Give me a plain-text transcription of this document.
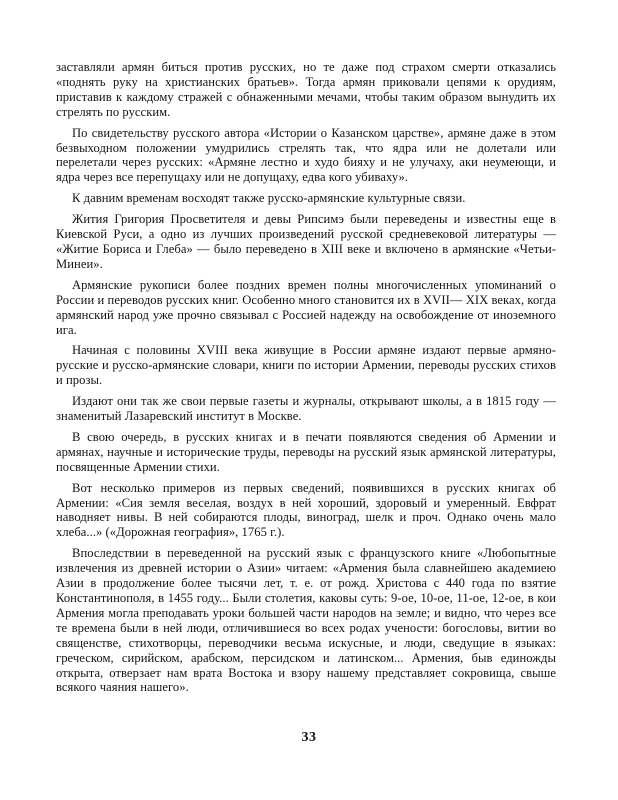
заставляли армян биться против русских, но те даже под страхом смерти отказались «поднять руку на христианских братьев». Тогда армян приковали цепями к орудиям, приставив к каждому стражей с обнаженными мечами, чтобы таким образом вынудить их стрелять по русским.

По свидетельству русского автора «Истории о Казанском царстве», армяне даже в этом безвыходном положении умудрились стрелять так, что ядра или не долетали или перелетали через русских: «Армяне лестно и худо бияху и не улучаху, аки неумеющи, и ядра через все перепущаху или не допущаху, едва кого убиваху».

К давним временам восходят также русско-армянские культурные связи.

Жития Григория Просветителя и девы Рипсимэ были переведены и известны еще в Киевской Руси, а одно из лучших произведений русской средневековой литературы — «Житие Бориса и Глеба» — было переведено в XIII веке и включено в армянские «Четьи-Минеи».

Армянские рукописи более поздних времен полны многочисленных упоминаний о России и переводов русских книг. Особенно много становится их в XVII— XIX веках, когда армянский народ уже прочно связывал с Россией надежду на освобождение от иноземного ига.

Начиная с половины XVIII века живущие в России армяне издают первые армяно-русские и русско-армянские словари, книги по истории Армении, переводы русских стихов и прозы.

Издают они так же свои первые газеты и журналы, открывают школы, а в 1815 году — знаменитый Лазаревский институт в Москве.

В свою очередь, в русских книгах и в печати появляются сведения об Армении и армянах, научные и исторические труды, переводы на русский язык армянской литературы, посвященные Армении стихи.

Вот несколько примеров из первых сведений, появившихся в русских книгах об Армении: «Сия земля веселая, воздух в ней хороший, здоровый и умеренный. Евфрат наводняет нивы. В ней собираются плоды, виноград, шелк и проч. Однако очень мало хлеба...» («Дорожная география», 1765 г.).

Впоследствии в переведенной на русский язык с французского книге «Любопытные извлечения из древней истории о Азии» читаем: «Армения была славнейшею академиею Азии в продолжение более тысячи лет, т. е. от рожд. Христова с 440 года по взятие Константинополя, в 1455 году... Были столетия, каковы суть: 9-ое, 10-ое, 11-ое, 12-ое, в кои Армения могла преподавать уроки большей части народов на земле; и видно, что через все те времена были в ней люди, отличившиеся во всех родах учености: богословы, витии во священстве, стихотворцы, переводчики весьма искусные, и люди, сведущие в языках: греческом, сирийском, арабском, персидском и латинском... Армения, быв единожды открыта, отверзает нам врата Востока и взору нашему представляет сокровища, свыше всякого чаяния нашего».

33
